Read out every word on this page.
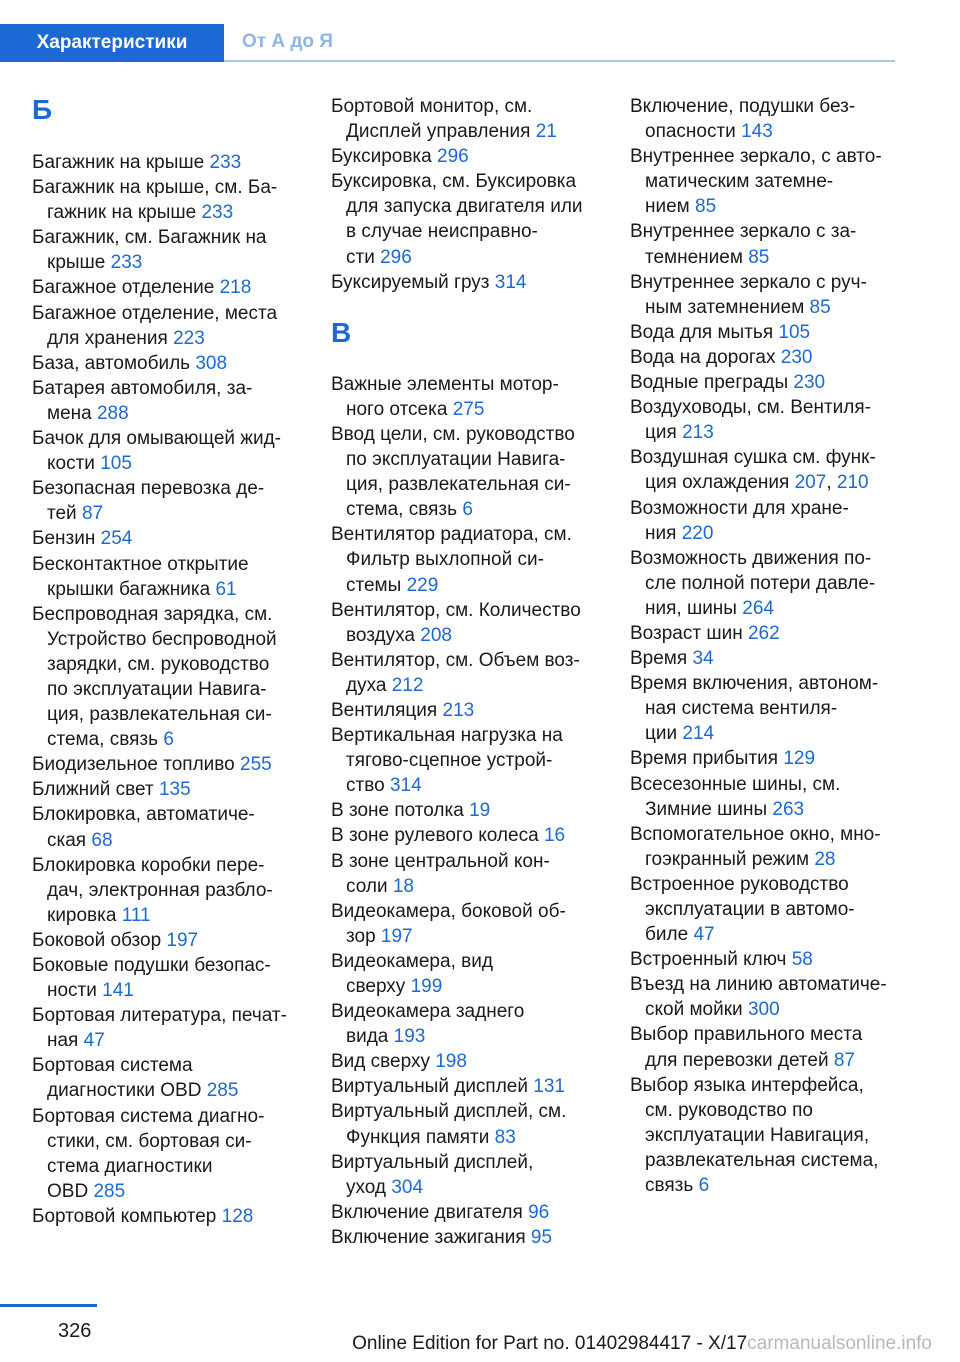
Характеристики	От А до Я
Б
Багажник на крыше 233
Багажник на крыше, см. Ба-
гажник на крыше 233
Багажник, см. Багажник на
крыше 233
Багажное отделение 218
Багажное отделение, места
для хранения 223
База, автомобиль 308
Батарея автомобиля, за-
мена 288
Бачок для омывающей жид-
кости 105
Безопасная перевозка де-
тей 87
Бензин 254
Бесконтактное открытие
крышки багажника 61
Беспроводная зарядка, см.
Устройство беспроводной
зарядки, см. руководство
по эксплуатации Навига-
ция, развлекательная си-
стема, связь 6
Биодизельное топливо 255
Ближний свет 135
Блокировка, автоматиче-
ская 68
Блокировка коробки пере-
дач, электронная разбло-
кировка 111
Боковой обзор 197
Боковые подушки безопас-
ности 141
Бортовая литература, печат-
ная 47
Бортовая система
диагностики OBD 285
Бортовая система диагно-
стики, см. бортовая си-
стема диагностики
OBD 285
Бортовой компьютер 128
Бортовой монитор, см.
Дисплей управления 21
Буксировка 296
Буксировка, см. Буксировка
для запуска двигателя или
в случае неисправно-
сти 296
Буксируемый груз 314
В
Важные элементы мотор-
ного отсека 275
Ввод цели, см. руководство
по эксплуатации Навига-
ция, развлекательная си-
стема, связь 6
Вентилятор радиатора, см.
Фильтр выхлопной си-
стемы 229
Вентилятор, см. Количество
воздуха 208
Вентилятор, см. Объем воз-
духа 212
Вентиляция 213
Вертикальная нагрузка на
тягово-сцепное устрой-
ство 314
В зоне потолка 19
В зоне рулевого колеса 16
В зоне центральной кон-
соли 18
Видеокамера, боковой об-
зор 197
Видеокамера, вид
сверху 199
Видеокамера заднего
вида 193
Вид сверху 198
Виртуальный дисплей 131
Виртуальный дисплей, см.
Функция памяти 83
Виртуальный дисплей,
уход 304
Включение двигателя 96
Включение зажигания 95
Включение, подушки без-
опасности 143
Внутреннее зеркало, с авто-
матическим затемне-
нием 85
Внутреннее зеркало с за-
темнением 85
Внутреннее зеркало с руч-
ным затемнением 85
Вода для мытья 105
Вода на дорогах 230
Водные преграды 230
Воздуховоды, см. Вентиля-
ция 213
Воздушная сушка см. функ-
ция охлаждения 207, 210
Возможности для хране-
ния 220
Возможность движения по-
сле полной потери давле-
ния, шины 264
Возраст шин 262
Время 34
Время включения, автоном-
ная система вентиля-
ции 214
Время прибытия 129
Всесезонные шины, см.
Зимние шины 263
Вспомогательное окно, мно-
гоэкранный режим 28
Встроенное руководство
эксплуатации в автомо-
биле 47
Встроенный ключ 58
Въезд на линию автоматиче-
ской мойки 300
Выбор правильного места
для перевозки детей 87
Выбор языка интерфейса,
см. руководство по
эксплуатации Навигация,
развлекательная система,
связь 6
326
Online Edition for Part no. 01402984417 - X/17carmanualsonline.info
